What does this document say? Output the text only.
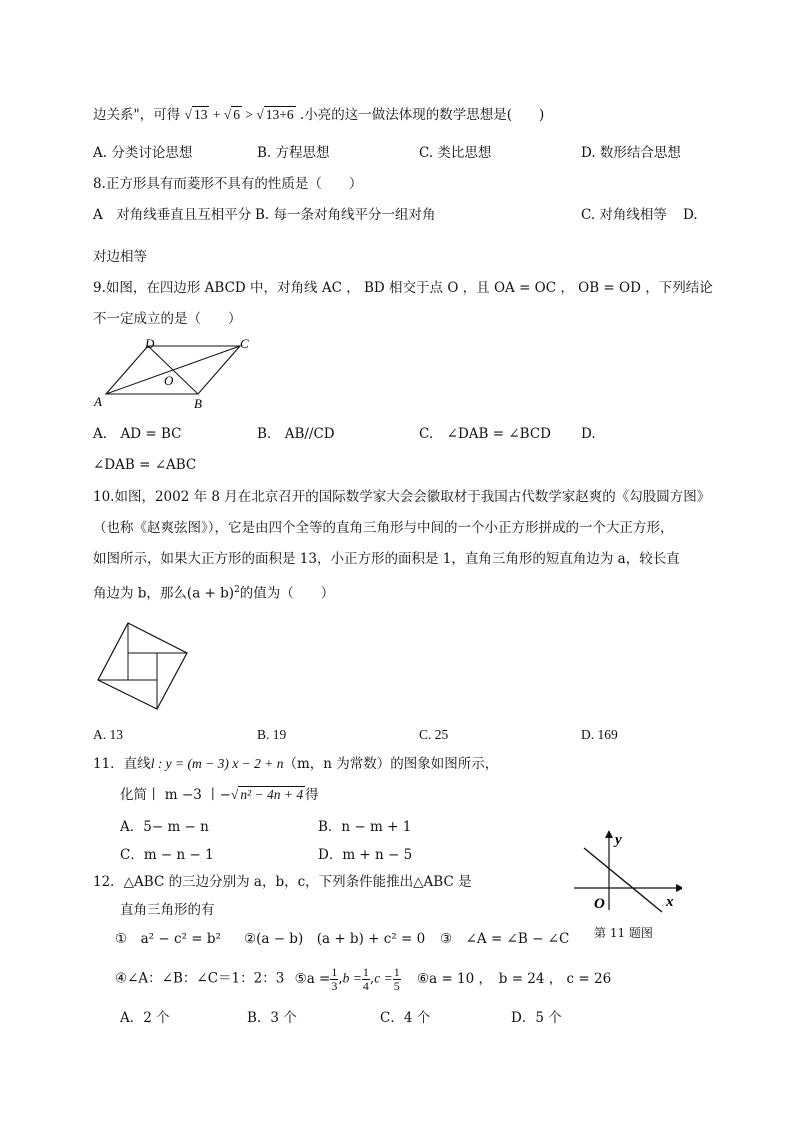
边关系"，可得 √ 13 + √ 6 > √ 13+6 .小亮的这一做法体现的数学思想是(　　)
A. 分类讨论思想	B. 方程思想	C. 类比思想	D. 数形结合思想
8.正方形具有而菱形不具有的性质是（　　）
A　对角线垂直且互相平分 B. 每一条对角线平分一组对角	C. 对角线相等 D.
对边相等
9.如图，在四边形 ABCD 中，对角线 AC ， BD 相交于点 O ，且 OA = OC ， OB = OD ，下列结论
不一定成立的是（　　）
A	B
C
D
O
A.　AD = BC	B.　AB//CD	C.　∠DAB = ∠BCD D.
∠DAB = ∠ABC
10.如图，2002 年 8 月在北京召开的国际数学家大会会徽取材于我国古代数学家赵爽的《勾股圆方图》
（也称《赵爽弦图》），它是由四个全等的直角三角形与中间的一个小正方形拼成的一个大正方形，
如图所示，如果大正方形的面积是 13，小正方形的面积是 1，直角三角形的短直角边为 a，较长直
角边为 b，那么$(a + b)^2$的值为（　　）
A. 13	B. 19	C. 25	D. 169
11．直线l : y = (m − 3) x − 2 + n（m，n 为常数）的图象如图所示，
化简丨 m −3 丨−√ n² − 4n + 4 得
A．5− m − n	B．n − m + 1
C．m − n − 1	D．m + n − 5
y
x
O
第 11 题图
12．△ABC 的三边分别为 a，b，c，下列条件能推出△ABC 是
直角三角形的有
①　a² − c² = b² ②(a − b)　(a + b) + c² = 0 ③　∠A = ∠B − ∠C
④∠A：∠B：∠C＝1：2：3 ⑤a = $\frac{1}{3} ,b = \frac{1}{4} ,c = \frac{1}{5}$ ⑥a = 10 ，　b = 24 ， c = 26
A．2 个	B．3 个	C．4 个	D．5 个
